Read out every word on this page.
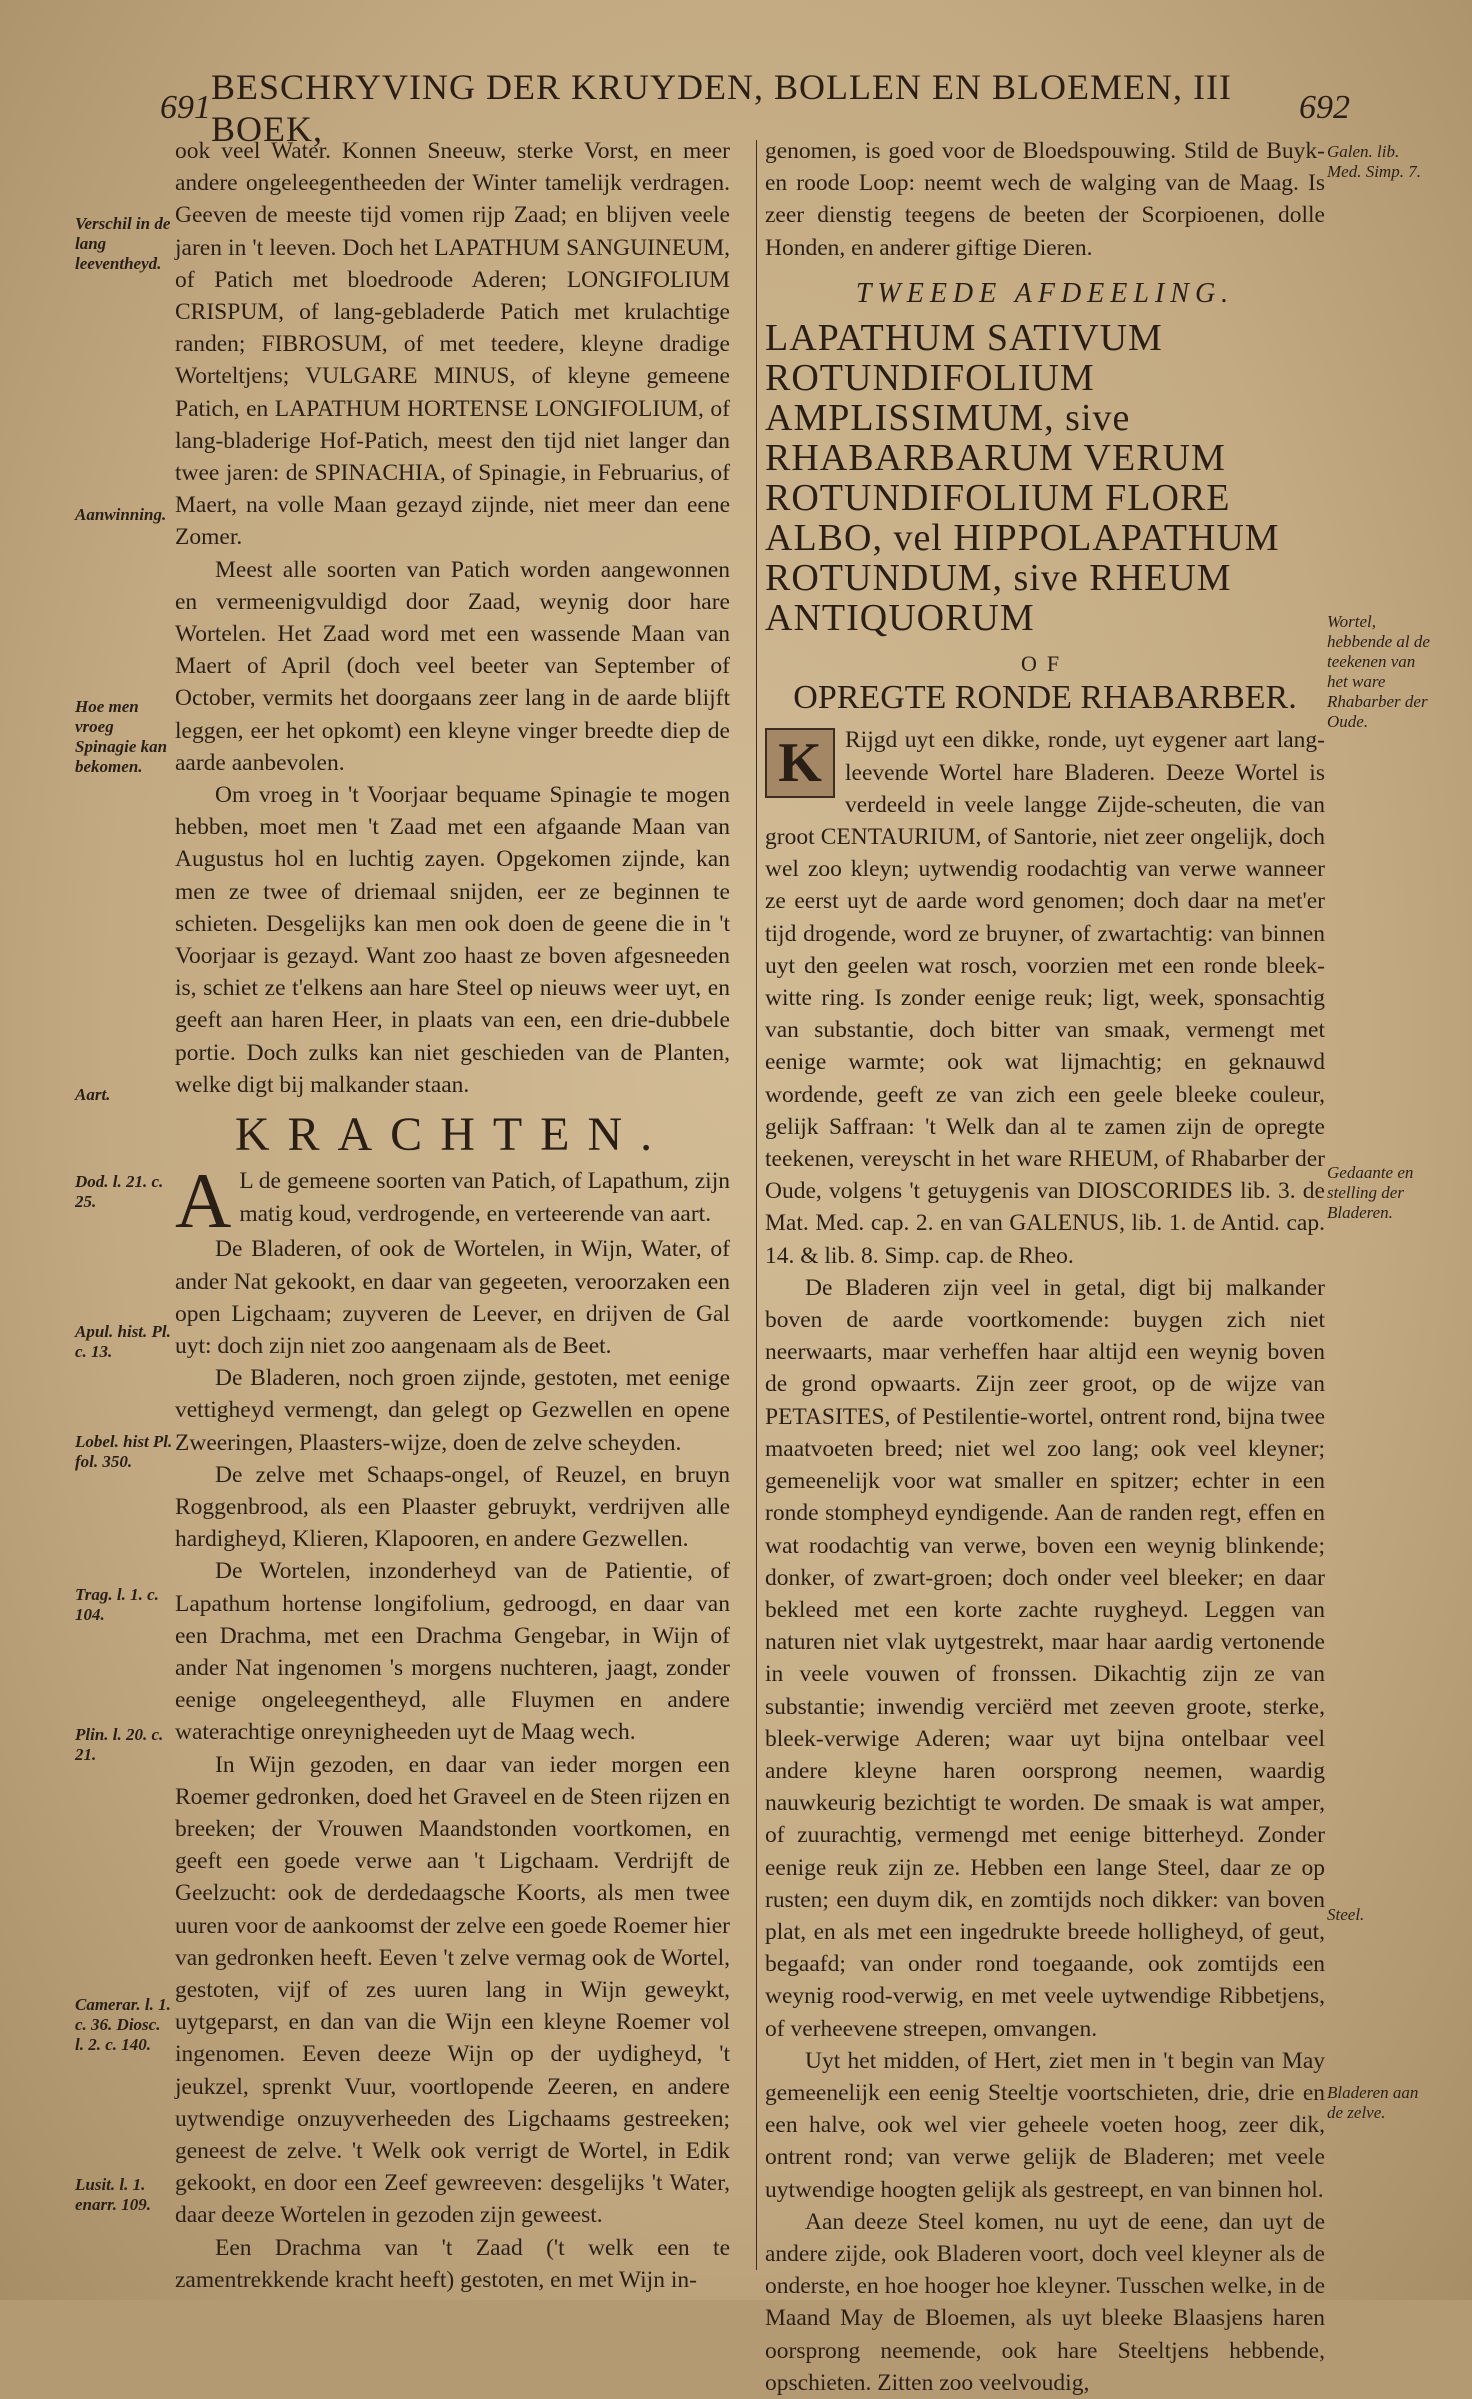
691
BESCHRYVING DER KRUYDEN, BOLLEN EN BLOEMEN, III BOEK,
692
Verschil in de lang leeventheyd.
Aanwinning.
Hoe men vroeg Spinagie kan bekomen.
Aart.
Dod. l. 21. c. 25.
Apul. hist. Pl. c. 13.
Lobel. hist Pl. fol. 350.
Trag. l. 1. c. 104.
Plin. l. 20. c. 21.
Camerar. l. 1. c. 36. Diosc. l. 2. c. 140.
Lusit. l. 1. enarr. 109.

ook veel Water. Konnen Sneeuw, sterke Vorst, en meer andere ongeleegentheeden der Winter tamelijk verdragen. Geeven de meeste tijd vomen rijp Zaad; en blijven veele jaren in 't leeven. Doch het LAPATHUM SANGUINEUM, of Patich met bloedroode Aderen; LONGIFOLIUM CRISPUM, of lang-gebladerde Patich met krulachtige randen; FIBROSUM, of met teedere, kleyne dradige Worteltjens; VULGARE MINUS, of kleyne gemeene Patich, en LAPATHUM HORTENSE LONGIFOLIUM, of lang-bladerige Hof-Patich, meest den tijd niet langer dan twee jaren: de SPINACHIA, of Spinagie, in Februarius, of Maert, na volle Maan gezayd zijnde, niet meer dan eene Zomer.

Meest alle soorten van Patich worden aangewonnen en vermeenigvuldigd door Zaad, weynig door hare Wortelen. Het Zaad word met een wassende Maan van Maert of April (doch veel beeter van September of October, vermits het doorgaans zeer lang in de aarde blijft leggen, eer het opkomt) een kleyne vinger breedte diep de aarde aanbevolen.

Om vroeg in 't Voorjaar bequame Spinagie te mogen hebben, moet men 't Zaad met een afgaande Maan van Augustus hol en luchtig zayen. Opgekomen zijnde, kan men ze twee of driemaal snijden, eer ze beginnen te schieten. Desgelijks kan men ook doen de geene die in 't Voorjaar is gezayd. Want zoo haast ze boven afgesneeden is, schiet ze t'elkens aan hare Steel op nieuws weer uyt, en geeft aan haren Heer, in plaats van een, een drie-dubbele portie. Doch zulks kan niet geschieden van de Planten, welke digt bij malkander staan.

KRACHTEN.

A L de gemeene soorten van Patich, of Lapathum, zijn matig koud, verdrogende, en verteerende van aart.

De Bladeren, of ook de Wortelen, in Wijn, Water, of ander Nat gekookt, en daar van gegeeten, veroorzaken een open Ligchaam; zuyveren de Leever, en drijven de Gal uyt: doch zijn niet zoo aangenaam als de Beet.

De Bladeren, noch groen zijnde, gestoten, met eenige vettigheyd vermengt, dan gelegt op Gezwellen en opene Zweeringen, Plaasters-wijze, doen de zelve scheyden.

De zelve met Schaaps-ongel, of Reuzel, en bruyn Roggenbrood, als een Plaaster gebruykt, verdrijven alle hardigheyd, Klieren, Klapooren, en andere Gezwellen.

De Wortelen, inzonderheyd van de Patientie, of Lapathum hortense longifolium, gedroogd, en daar van een Drachma, met een Drachma Gengebar, in Wijn of ander Nat ingenomen 's morgens nuchteren, jaagt, zonder eenige ongeleegentheyd, alle Fluymen en andere waterachtige onreynigheeden uyt de Maag wech.

In Wijn gezoden, en daar van ieder morgen een Roemer gedronken, doed het Graveel en de Steen rijzen en breeken; der Vrouwen Maandstonden voortkomen, en geeft een goede verwe aan 't Ligchaam. Verdrijft de Geelzucht: ook de derdedaagsche Koorts, als men twee uuren voor de aankoomst der zelve een goede Roemer hier van gedronken heeft. Eeven 't zelve vermag ook de Wortel, gestoten, vijf of zes uuren lang in Wijn geweykt, uytgeparst, en dan van die Wijn een kleyne Roemer vol ingenomen. Eeven deeze Wijn op der uydigheyd, 't jeukzel, sprenkt Vuur, voortlopende Zeeren, en andere uytwendige onzuyverheeden des Ligchaams gestreeken; geneest de zelve. 't Welk ook verrigt de Wortel, in Edik gekookt, en door een Zeef gewreeven: desgelijks 't Water, daar deeze Wortelen in gezoden zijn geweest.

Een Drachma van 't Zaad ('t welk een te zamentrekkende kracht heeft) gestoten, en met Wijn in-

Galen. lib. Med. Simp. 7.
Wortel, hebbende al de teekenen van het ware Rhabarber der Oude.
Gedaante en stelling der Bladeren.
Steel.
Bladeren aan de zelve.

genomen, is goed voor de Bloedspouwing. Stild de Buyk- en roode Loop: neemt wech de walging van de Maag. Is zeer dienstig teegens de beeten der Scorpioenen, dolle Honden, en anderer giftige Dieren.

TWEEDE AFDEELING.
LAPATHUM SATIVUM ROTUNDIFOLIUM AMPLISSIMUM, sive RHABARBARUM VERUM ROTUNDIFOLIUM FLORE ALBO, vel HIPPOLAPATHUM ROTUNDUM, sive RHEUM ANTIQUORUM
OF
OPREGTE RONDE RHABARBER.

K Rijgd uyt een dikke, ronde, uyt eygener aart lang-leevende Wortel hare Bladeren. Deeze Wortel is verdeeld in veele langge Zijde-scheuten, die van groot CENTAURIUM, of Santorie, niet zeer ongelijk, doch wel zoo kleyn; uytwendig roodachtig van verwe wanneer ze eerst uyt de aarde word genomen; doch daar na met'er tijd drogende, word ze bruyner, of zwartachtig: van binnen uyt den geelen wat rosch, voorzien met een ronde bleek-witte ring. Is zonder eenige reuk; ligt, week, sponsachtig van substantie, doch bitter van smaak, vermengt met eenige warmte; ook wat lijmachtig; en geknauwd wordende, geeft ze van zich een geele bleeke couleur, gelijk Saffraan: 't Welk dan al te zamen zijn de opregte teekenen, vereyscht in het ware RHEUM, of Rhabarber der Oude, volgens 't getuygenis van DIOSCORIDES lib. 3. de Mat. Med. cap. 2. en van GALENUS, lib. 1. de Antid. cap. 14. & lib. 8. Simp. cap. de Rheo.

De Bladeren zijn veel in getal, digt bij malkander boven de aarde voortkomende: buygen zich niet neerwaarts, maar verheffen haar altijd een weynig boven de grond opwaarts. Zijn zeer groot, op de wijze van PETASITES, of Pestilentie-wortel, ontrent rond, bijna twee maatvoeten breed; niet wel zoo lang; ook veel kleyner; gemeenelijk voor wat smaller en spitzer; echter in een ronde stompheyd eyndigende. Aan de randen regt, effen en wat roodachtig van verwe, boven een weynig blinkende; donker, of zwart-groen; doch onder veel bleeker; en daar bekleed met een korte zachte ruygheyd. Leggen van naturen niet vlak uytgestrekt, maar haar aardig vertonende in veele vouwen of fronssen. Dikachtig zijn ze van substantie; inwendig verciërd met zeeven groote, sterke, bleek-verwige Aderen; waar uyt bijna ontelbaar veel andere kleyne haren oorsprong neemen, waardig nauwkeurig bezichtigt te worden. De smaak is wat amper, of zuurachtig, vermengd met eenige bitterheyd. Zonder eenige reuk zijn ze. Hebben een lange Steel, daar ze op rusten; een duym dik, en zomtijds noch dikker: van boven plat, en als met een ingedrukte breede holligheyd, of geut, begaafd; van onder rond toegaande, ook zomtijds een weynig rood-verwig, en met veele uytwendige Ribbetjens, of verheevene streepen, omvangen.

Uyt het midden, of Hert, ziet men in 't begin van May gemeenelijk een eenig Steeltje voortschieten, drie, drie en een halve, ook wel vier geheele voeten hoog, zeer dik, ontrent rond; van verwe gelijk de Bladeren; met veele uytwendige hoogten gelijk als gestreept, en van binnen hol.

Aan deeze Steel komen, nu uyt de eene, dan uyt de andere zijde, ook Bladeren voort, doch veel kleyner als de onderste, en hoe hooger hoe kleyner. Tusschen welke, in de Maand May de Bloemen, als uyt bleeke Blaasjens haren oorsprong neemende, ook hare Steeltjens hebbende, opschieten. Zitten zoo veelvoudig,
